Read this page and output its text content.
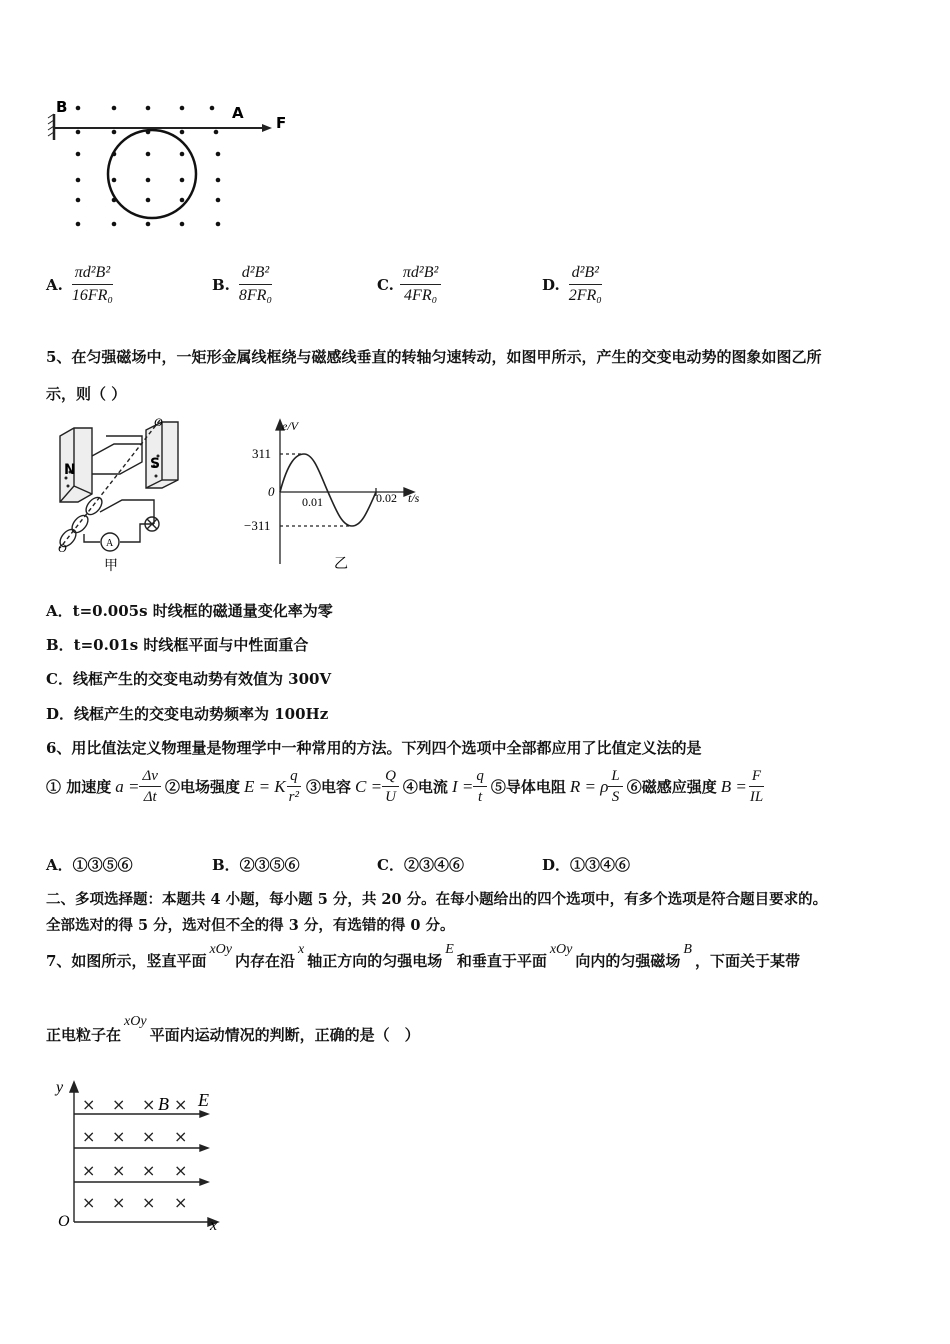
B	A
F
A. $\frac{\text{πd²B²}}{\text{16FR₀}}$	B. $\frac{\text{d²B²}}{\text{8FR₀}}$	C. $\frac{\text{πd²B²}}{\text{4FR₀}}$	D. $\frac{\text{d²B²}}{\text{2FR₀}}$
5、在匀强磁场中，一矩形金属线框绕与磁感线垂直的转轴匀速转动，如图甲所示，产生的交变电动势的图象如图乙所
示，则（ ）
N	S
O
O	A
甲
e/V
311
−311
0
0.01	0.02 t/s
乙
A．t=0.005s 时线框的磁通量变化率为零
B．t=0.01s 时线框平面与中性面重合
C．线框产生的交变电动势有效值为 300V
D．线框产生的交变电动势频率为 100Hz
6、用比值法定义物理量是物理学中一种常用的方法。下列四个选项中全部都应用了比值定义法的是
① 加速度 $a = \frac{\Delta v}{\Delta t}$ ②电场强度 E = K $\frac{q}{\text{r²}}$ ③电容 $C = \frac{Q}{U}$ ④电流 $I = \frac{q}{t}$ ⑤导体电阻 R = ρ $\frac{L}{S}$ ⑥磁感应强度 $B = \frac{F}{IL}$
A．①③⑤⑥	B．②③⑤⑥	C．②③④⑥	D．①③④⑥
二、多项选择题：本题共 4 小题，每小题 5 分，共 20 分。在每小题给出的四个选项中，有多个选项是符合题目要求的。
全部选对的得 5 分，选对但不全的得 3 分，有选错的得 0 分。
7、如图所示，竖直平面
xOy
内存在沿
x
轴正方向的匀强电场
E
和垂直于平面
xOy
向内的匀强磁场
B
，下面关于某带
正电粒子在
xOy
平面内运动情况的判断，正确的是（　）
× × × ×
× × × ×
× × × ×
× × × ×
y
O	x
B E
